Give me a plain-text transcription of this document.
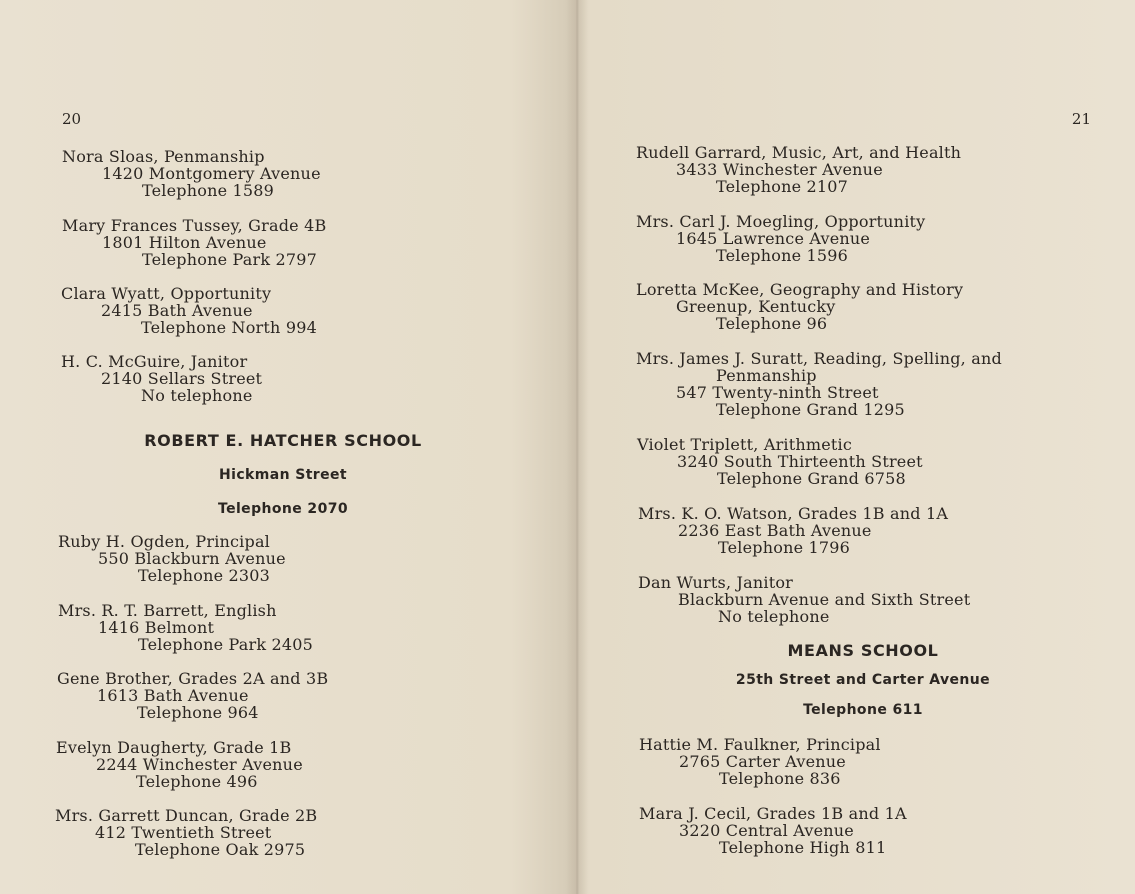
20
Nora Sloas, Penmanship
1420 Montgomery Avenue
Telephone 1589
Mary Frances Tussey, Grade 4B
1801 Hilton Avenue
Telephone Park 2797
Clara Wyatt, Opportunity
2415 Bath Avenue
Telephone North 994
H. C. McGuire, Janitor
2140 Sellars Street
No telephone
ROBERT E. HATCHER SCHOOL
Hickman Street
Telephone 2070
Ruby H. Ogden, Principal
550 Blackburn Avenue
Telephone 2303
Mrs. R. T. Barrett, English
1416 Belmont
Telephone Park 2405
Gene Brother, Grades 2A and 3B
1613 Bath Avenue
Telephone 964
Evelyn Daugherty, Grade 1B
2244 Winchester Avenue
Telephone 496
Mrs. Garrett Duncan, Grade 2B
412 Twentieth Street
Telephone Oak 2975
21
Rudell Garrard, Music, Art, and Health
3433 Winchester Avenue
Telephone 2107
Mrs. Carl J. Moegling, Opportunity
1645 Lawrence Avenue
Telephone 1596
Loretta McKee, Geography and History
Greenup, Kentucky
Telephone 96
Mrs. James J. Suratt, Reading, Spelling, and
Penmanship
547 Twenty-ninth Street
Telephone Grand 1295
Violet Triplett, Arithmetic
3240 South Thirteenth Street
Telephone Grand 6758
Mrs. K. O. Watson, Grades 1B and 1A
2236 East Bath Avenue
Telephone 1796
Dan Wurts, Janitor
Blackburn Avenue and Sixth Street
No telephone
MEANS SCHOOL
25th Street and Carter Avenue
Telephone 611
Hattie M. Faulkner, Principal
2765 Carter Avenue
Telephone 836
Mara J. Cecil, Grades 1B and 1A
3220 Central Avenue
Telephone High 811
